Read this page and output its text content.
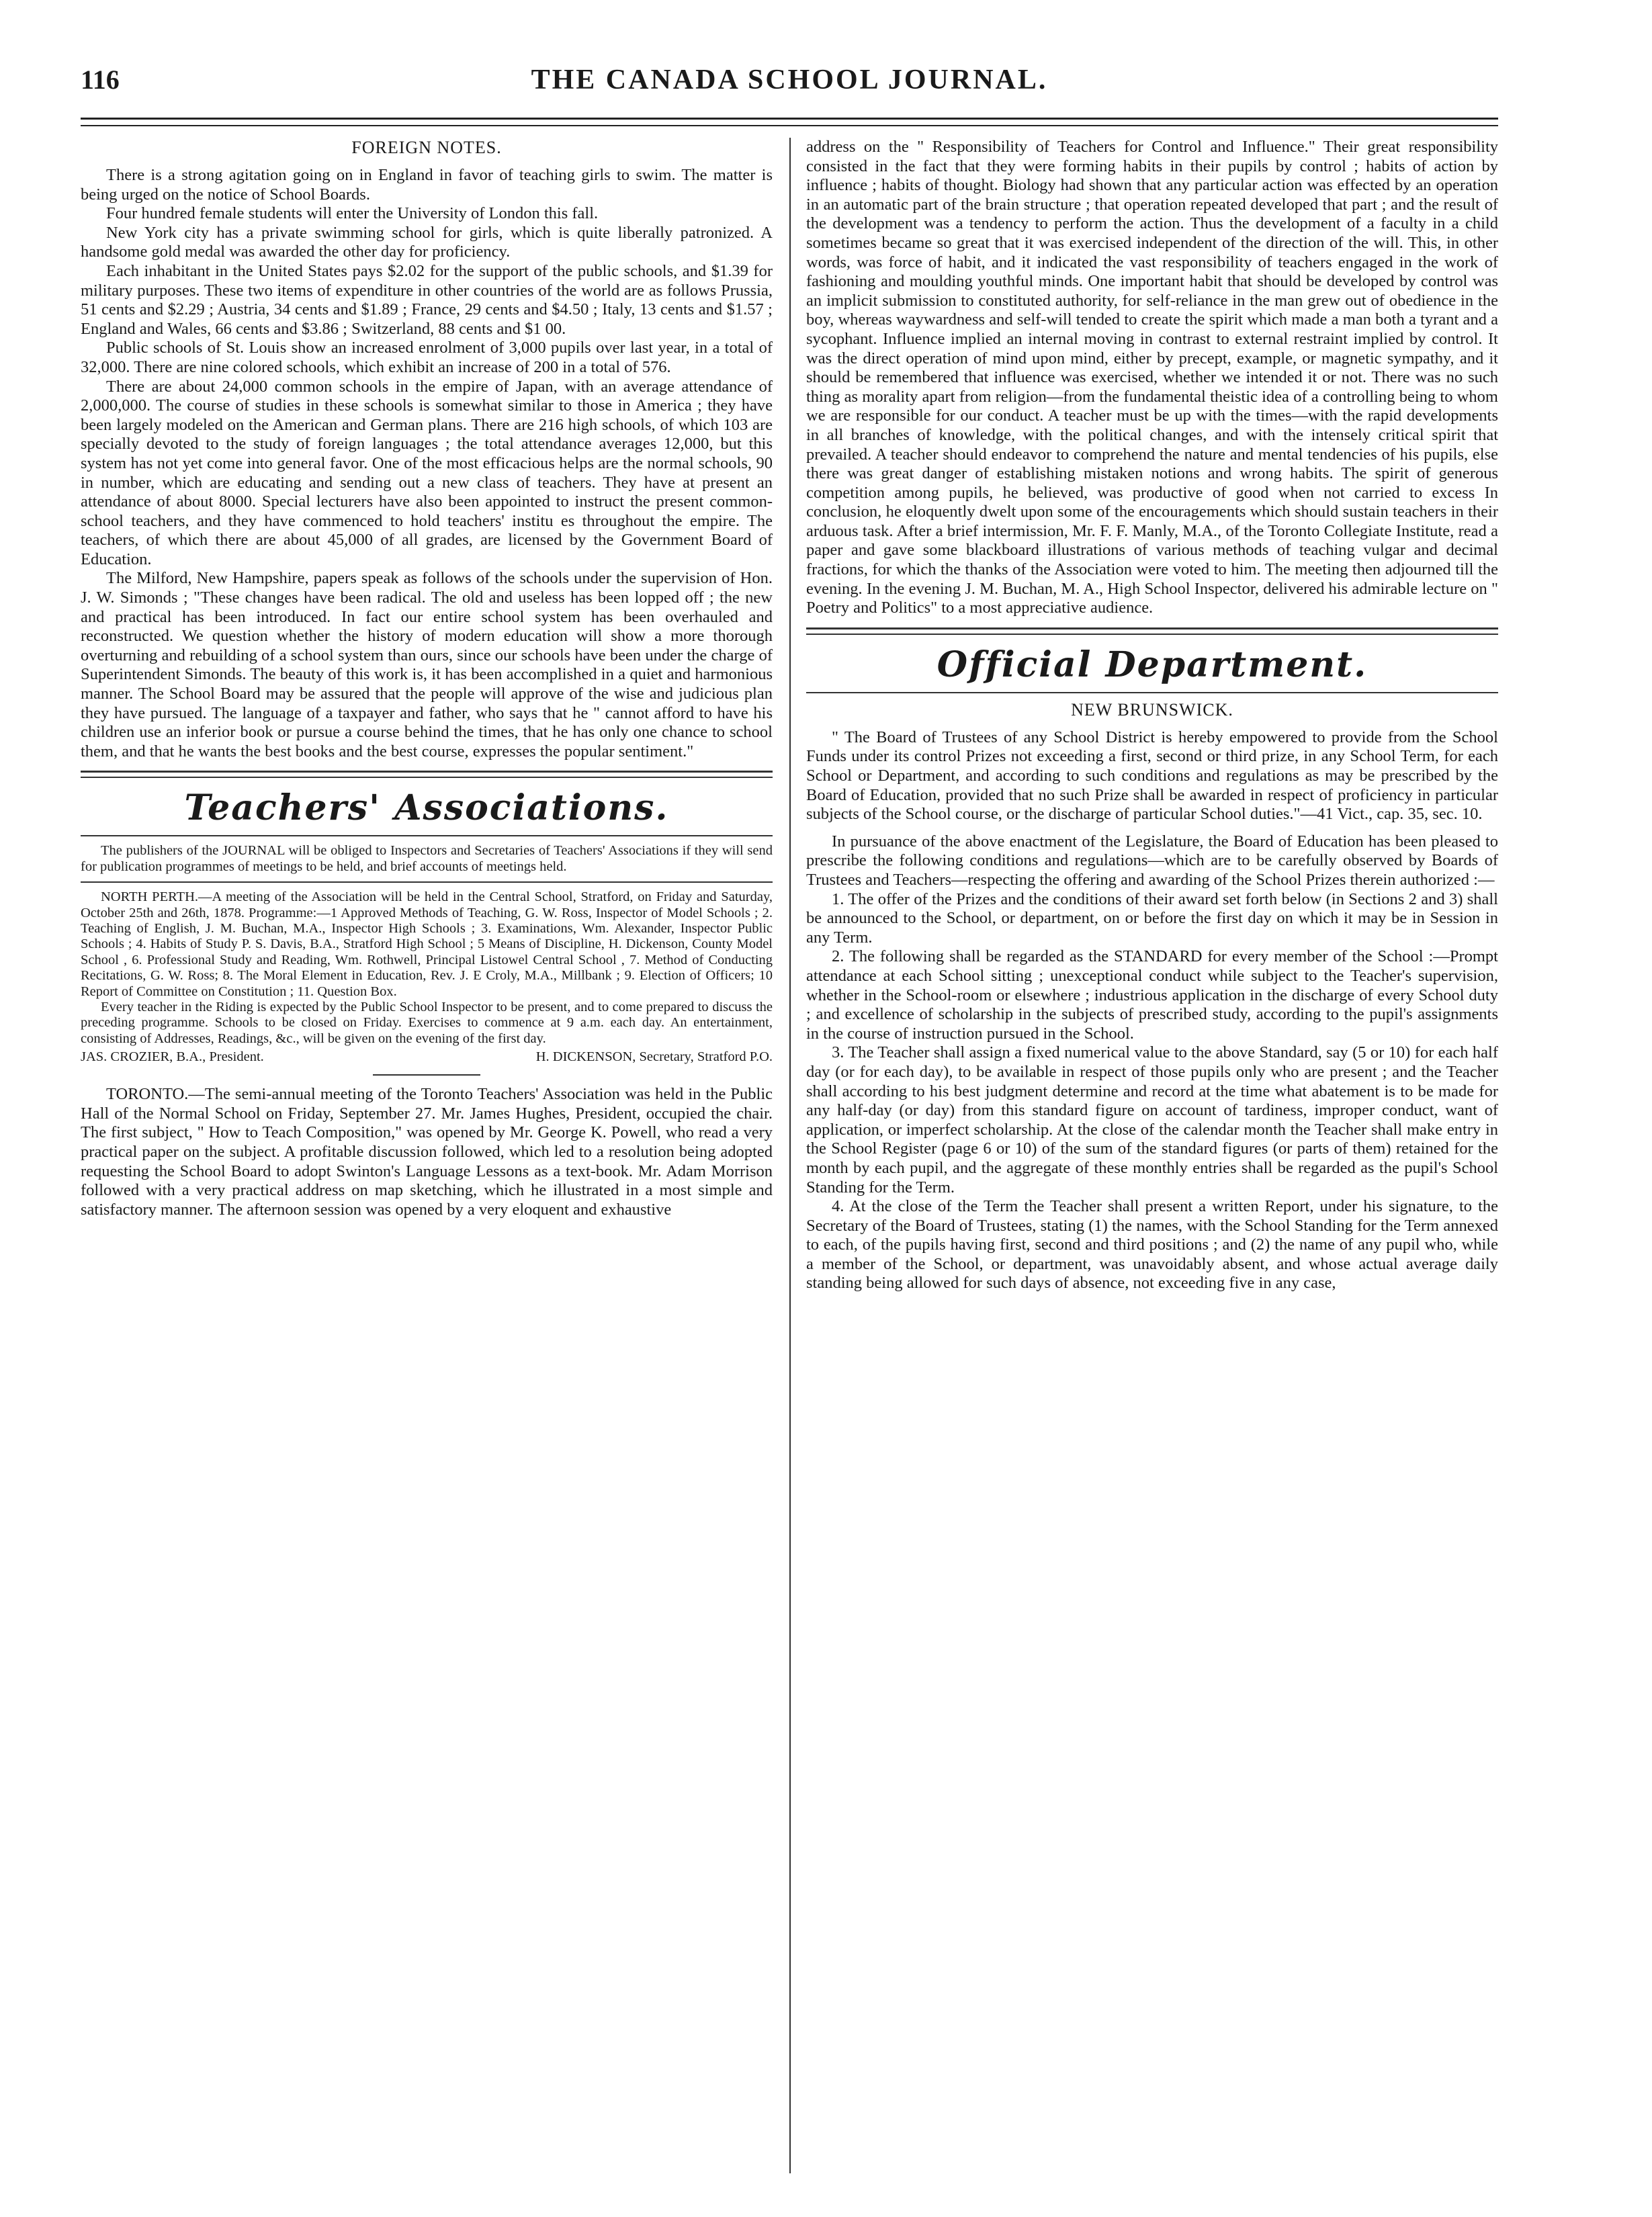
116	THE CANADA SCHOOL JOURNAL.
FOREIGN NOTES.

There is a strong agitation going on in England in favor of teaching girls to swim. The matter is being urged on the notice of School Boards.

Four hundred female students will enter the University of London this fall.

New York city has a private swimming school for girls, which is quite liberally patronized. A handsome gold medal was awarded the other day for proficiency.

Each inhabitant in the United States pays $2.02 for the support of the public schools, and $1.39 for military purposes. These two items of expenditure in other countries of the world are as follows Prussia, 51 cents and $2.29 ; Austria, 34 cents and $1.89 ; France, 29 cents and $4.50 ; Italy, 13 cents and $1.57 ; England and Wales, 66 cents and $3.86 ; Switzerland, 88 cents and $1 00.

Public schools of St. Louis show an increased enrolment of 3,000 pupils over last year, in a total of 32,000. There are nine colored schools, which exhibit an increase of 200 in a total of 576.

There are about 24,000 common schools in the empire of Japan, with an average attendance of 2,000,000. The course of studies in these schools is somewhat similar to those in America ; they have been largely modeled on the American and German plans. There are 216 high schools, of which 103 are specially devoted to the study of foreign languages ; the total attendance averages 12,000, but this system has not yet come into general favor. One of the most efficacious helps are the normal schools, 90 in number, which are educating and sending out a new class of teachers. They have at present an attendance of about 8000. Special lecturers have also been appointed to instruct the present common-school teachers, and they have commenced to hold teachers' institu es throughout the empire. The teachers, of which there are about 45,000 of all grades, are licensed by the Government Board of Education.

The Milford, New Hampshire, papers speak as follows of the schools under the supervision of Hon. J. W. Simonds ; "These changes have been radical. The old and useless has been lopped off ; the new and practical has been introduced. In fact our entire school system has been overhauled and reconstructed. We question whether the history of modern education will show a more thorough overturning and rebuilding of a school system than ours, since our schools have been under the charge of Superintendent Simonds. The beauty of this work is, it has been accomplished in a quiet and harmonious manner. The School Board may be assured that the people will approve of the wise and judicious plan they have pursued. The language of a taxpayer and father, who says that he " cannot afford to have his children use an inferior book or pursue a course behind the times, that he has only one chance to school them, and that he wants the best books and the best course, expresses the popular sentiment."

Teachers' Associations.

The publishers of the JOURNAL will be obliged to Inspectors and Secretaries of Teachers' Associations if they will send for publication programmes of meetings to be held, and brief accounts of meetings held.

NORTH PERTH.—A meeting of the Association will be held in the Central School, Stratford, on Friday and Saturday, October 25th and 26th, 1878. Programme:—1 Approved Methods of Teaching, G. W. Ross, Inspector of Model Schools ; 2. Teaching of English, J. M. Buchan, M.A., Inspector High Schools ; 3. Examinations, Wm. Alexander, Inspector Public Schools ; 4. Habits of Study P. S. Davis, B.A., Stratford High School ; 5 Means of Discipline, H. Dickenson, County Model School , 6. Professional Study and Reading, Wm. Rothwell, Principal Listowel Central School , 7. Method of Conducting Recitations, G. W. Ross; 8. The Moral Element in Education, Rev. J. E Croly, M.A., Millbank ; 9. Election of Officers; 10 Report of Committee on Constitution ; 11. Question Box.

Every teacher in the Riding is expected by the Public School Inspector to be present, and to come prepared to discuss the preceding programme. Schools to be closed on Friday. Exercises to commence at 9 a.m. each day. An entertainment, consisting of Addresses, Readings, &c., will be given on the evening of the first day.

JAS. CROZIER, B.A., President.	H. DICKENSON, Secretary, Stratford P.O.

TORONTO.—The semi-annual meeting of the Toronto Teachers' Association was held in the Public Hall of the Normal School on Friday, September 27. Mr. James Hughes, President, occupied the chair. The first subject, " How to Teach Composition," was opened by Mr. George K. Powell, who read a very practical paper on the subject. A profitable discussion followed, which led to a resolution being adopted requesting the School Board to adopt Swinton's Language Lessons as a text-book. Mr. Adam Morrison followed with a very practical address on map sketching, which he illustrated in a most simple and satisfactory manner. The afternoon session was opened by a very eloquent and exhaustive

address on the " Responsibility of Teachers for Control and Influence." Their great responsibility consisted in the fact that they were forming habits in their pupils by control ; habits of action by influence ; habits of thought. Biology had shown that any particular action was effected by an operation in an automatic part of the brain structure ; that operation repeated developed that part ; and the result of the development was a tendency to perform the action. Thus the development of a faculty in a child sometimes became so great that it was exercised independent of the direction of the will. This, in other words, was force of habit, and it indicated the vast responsibility of teachers engaged in the work of fashioning and moulding youthful minds. One important habit that should be developed by control was an implicit submission to constituted authority, for self-reliance in the man grew out of obedience in the boy, whereas waywardness and self-will tended to create the spirit which made a man both a tyrant and a sycophant. Influence implied an internal moving in contrast to external restraint implied by control. It was the direct operation of mind upon mind, either by precept, example, or magnetic sympathy, and it should be remembered that influence was exercised, whether we intended it or not. There was no such thing as morality apart from religion—from the fundamental theistic idea of a controlling being to whom we are responsible for our conduct. A teacher must be up with the times—with the rapid developments in all branches of knowledge, with the political changes, and with the intensely critical spirit that prevailed. A teacher should endeavor to comprehend the nature and mental tendencies of his pupils, else there was great danger of establishing mistaken notions and wrong habits. The spirit of generous competition among pupils, he believed, was productive of good when not carried to excess In conclusion, he eloquently dwelt upon some of the encouragements which should sustain teachers in their arduous task. After a brief intermission, Mr. F. F. Manly, M.A., of the Toronto Collegiate Institute, read a paper and gave some blackboard illustrations of various methods of teaching vulgar and decimal fractions, for which the thanks of the Association were voted to him. The meeting then adjourned till the evening. In the evening J. M. Buchan, M. A., High School Inspector, delivered his admirable lecture on " Poetry and Politics" to a most appreciative audience.

Official Department.
NEW BRUNSWICK.

" The Board of Trustees of any School District is hereby empowered to provide from the School Funds under its control Prizes not exceeding a first, second or third prize, in any School Term, for each School or Department, and according to such conditions and regulations as may be prescribed by the Board of Education, provided that no such Prize shall be awarded in respect of proficiency in particular subjects of the School course, or the discharge of particular School duties."—41 Vict., cap. 35, sec. 10.

In pursuance of the above enactment of the Legislature, the Board of Education has been pleased to prescribe the following conditions and regulations—which are to be carefully observed by Boards of Trustees and Teachers—respecting the offering and awarding of the School Prizes therein authorized :—

1. The offer of the Prizes and the conditions of their award set forth below (in Sections 2 and 3) shall be announced to the School, or department, on or before the first day on which it may be in Session in any Term.

2. The following shall be regarded as the STANDARD for every member of the School :—Prompt attendance at each School sitting ; unexceptional conduct while subject to the Teacher's supervision, whether in the School-room or elsewhere ; industrious application in the discharge of every School duty ; and excellence of scholarship in the subjects of prescribed study, according to the pupil's assignments in the course of instruction pursued in the School.

3. The Teacher shall assign a fixed numerical value to the above Standard, say (5 or 10) for each half day (or for each day), to be available in respect of those pupils only who are present ; and the Teacher shall according to his best judgment determine and record at the time what abatement is to be made for any half-day (or day) from this standard figure on account of tardiness, improper conduct, want of application, or imperfect scholarship. At the close of the calendar month the Teacher shall make entry in the School Register (page 6 or 10) of the sum of the standard figures (or parts of them) retained for the month by each pupil, and the aggregate of these monthly entries shall be regarded as the pupil's School Standing for the Term.

4. At the close of the Term the Teacher shall present a written Report, under his signature, to the Secretary of the Board of Trustees, stating (1) the names, with the School Standing for the Term annexed to each, of the pupils having first, second and third positions ; and (2) the name of any pupil who, while a member of the School, or department, was unavoidably absent, and whose actual average daily standing being allowed for such days of absence, not exceeding five in any case,
